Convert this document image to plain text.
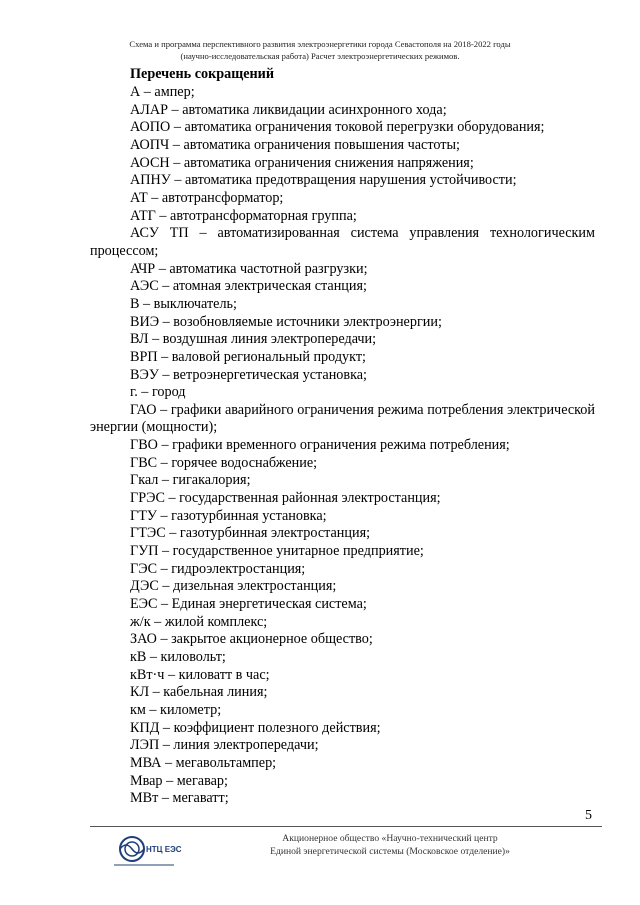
Схема и программа перспективного развития электроэнергетики города Севастополя на 2018-2022 годы
(научно-исследовательская работа) Расчет электроэнергетических режимов.
Перечень сокращений
А – ампер;
АЛАР – автоматика ликвидации асинхронного хода;
АОПО – автоматика ограничения токовой перегрузки оборудования;
АОПЧ – автоматика ограничения повышения частоты;
АОСН – автоматика ограничения снижения напряжения;
АПНУ – автоматика предотвращения нарушения устойчивости;
АТ – автотрансформатор;
АТГ – автотрансформаторная группа;
АСУ ТП – автоматизированная система управления технологическим процессом;
АЧР – автоматика частотной разгрузки;
АЭС – атомная электрическая станция;
В – выключатель;
ВИЭ – возобновляемые источники электроэнергии;
ВЛ – воздушная линия электропередачи;
ВРП – валовой региональный продукт;
ВЭУ – ветроэнергетическая установка;
г. – город
ГАО – графики аварийного ограничения режима потребления электрической энергии (мощности);
ГВО – графики временного ограничения режима потребления;
ГВС – горячее водоснабжение;
Гкал – гигакалория;
ГРЭС – государственная районная электростанция;
ГТУ – газотурбинная установка;
ГТЭС – газотурбинная электростанция;
ГУП – государственное унитарное предприятие;
ГЭС – гидроэлектростанция;
ДЭС – дизельная электростанция;
ЕЭС – Единая энергетическая система;
ж/к – жилой комплекс;
ЗАО – закрытое акционерное общество;
кВ – киловольт;
кВт·ч – киловатт в час;
КЛ – кабельная линия;
км – километр;
КПД – коэффициент полезного действия;
ЛЭП – линия электропередачи;
МВА – мегавольтампер;
Мвар – мегавар;
МВт – мегаватт;
5
НТЦ ЕЭС
Акционерное общество «Научно-технический центр
Единой энергетической системы (Московское отделение)»
